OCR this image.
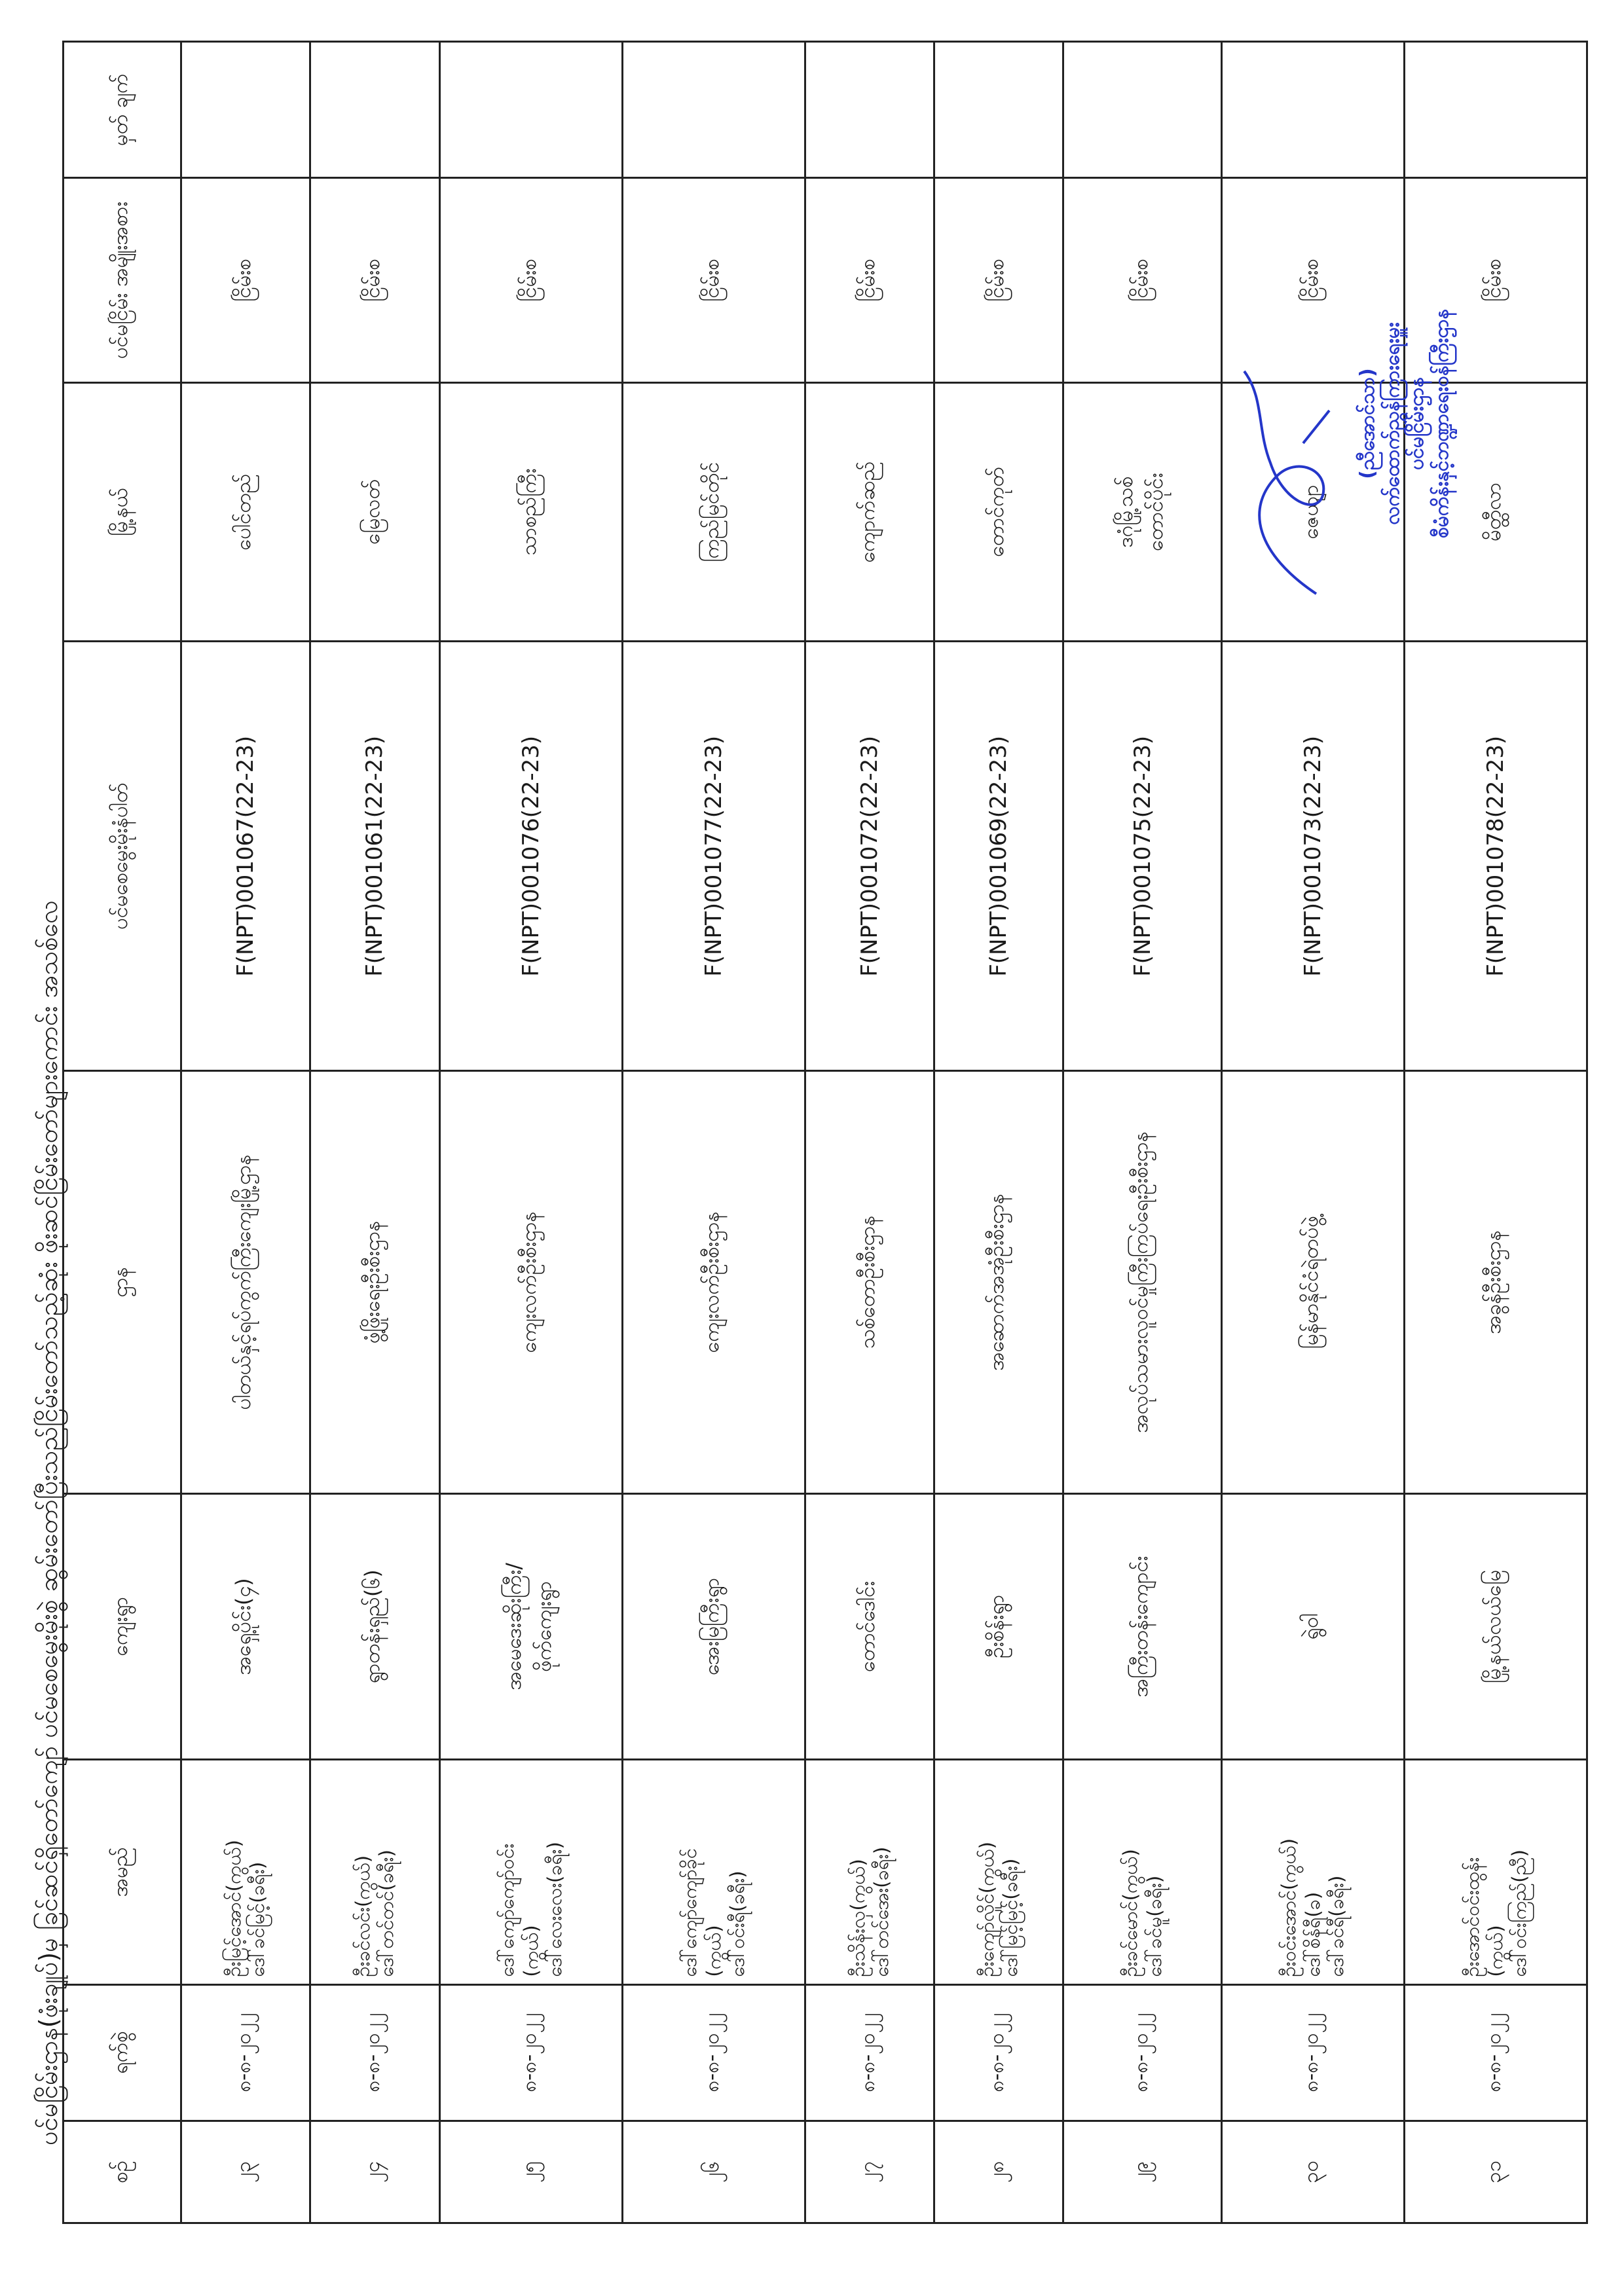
ပင်မငြိမ်းဌာန(ဖုံးချုပ်)မှ ခြင်ဆင်ရှိတော်ကျော် ပင်မစေမွေးမိုးစွဲ ဆွမ်းတော်ပြီးသည်ငြိမ်းတော်သည့်ဆုံး ဖိုးဆင်ငြိမ်းတော်များကောင်း အသစ်လေ
စဉ်	ရက်စွဲ	အမည်	ကျေးရွာ	ဌာန	ပင်မစေမွေးမိုးနံပါတ်	မြို့နယ်	ပင်မငြိမ်း အမျိုးအစား	မှတ် ချက်
၂၃	၈-၈-၂၀၂၂	ဦးမြင့်အောင်(ကွယ်) ဒေါ်ခင်မြင့်(ခရီး)	အရှေ့ပိုင်း(၄)	ပါတယ်နှင့်ရပ်ကွက်ကြီးကျေးမြို့ဌာန	F(NPT)001067(22-23)	ပေါင်တည်	ငြိမ်းစ	
၂၄	၈-၈-၂၀၂၂	ဦးခင်လင်း(ကွယ်) ဒေါ်တင်တင်(ခရီး)	ရွာတန်းရှည်(၆)	ဖွံ့ဖြိုးရေးဦးစီးဌာန	F(NPT)001061(22-23)	မြေလတ်	ငြိမ်းစ	
၂၅	၈-၈-၂၀၂၂	ဒေါ်ကျော်ကျော်ဝင်း (ကွယ်) ဒေါ်လေးလေး(ခရီး)	အမေဒေးဆိုးကြီး/ ဖိုက်ကျေးရွာ	ကျေးလက်ဦးစီးဌာန	F(NPT)001076(22-23)	သာစည်ကြီး	ငြိမ်းစ	
၂၆	၈-၈-၂၀၂၂	ဒေါ်ကျော်ကျော်ခိုင် (ကွယ်) ဒေါ်ဝင်းရီ(ခရီး)	အေးမြကြီးရွာ	ကျေးလက်ဦးစီးဌာန	F(NPT)001077(22-23)	ကြည်မြင်တိုင်	ငြိမ်းစ	
၂၇	၈-၈-၂၀၂၂	ဦးသိန်းလှ(ကွယ်) ဒေါ်တင်အေး(ခရီး)	တောင်ဒေါင်း	သစ်တောဦးစီးဌာန	F(NPT)001072(22-23)	ကျောက်ဆည်	ငြိမ်းစ	
၂၈	၈-၈-၂၀၂၂	ဦးကျော်လှိုင်(ကွယ်) ဒေါ်မြင့်မြင့်(ခရီး)	ဦးစိန်းရွာ	အဆောက်အအုံဦးစီးဌာန	F(NPT)001069(22-23)	တောင်ကုတ်	ငြိမ်းစ	
၂၉	၈-၈-၂၀၂၂	ဦးခင်မောင်(ကွယ်) ဒေါ်ခင်မူ(ခရီး)	အကြီးတန်းကျောင်း	အလုပ်သမားလူဝင်မှုကြီးကြပ်ရေးဦးစီးဌာန	F(NPT)001075(22-23)	ဒဂုံမြို့သစ် တောင်ပိုင်း	ငြိမ်းစ	
၃၀	၈-၈-၂၀၂၂	ဦးဝင်းအောင်(ကွယ်) ဒေါ်စိန်ရီ(ခ) ဒေါ်ခင်ရီ(ခရီး)	ရွဲဝါ	မြန်မာနိုင်ငံရဲတပ်ဖွဲ့	F(NPT)001073(22-23)	ဇေယျာ	ငြိမ်းစ	
၃၁	၈-၈-၂၀၂၂	ဦးအောင်ဝင်းထွန်း (ကွယ်) ဒေါ်ဝင်းကြည်(ညီ)	မြို့နယ်လယ်မြေ	အခွန်ဦးစီးဌာန	F(NPT)001078(22-23)	မိတ္ထီလာ	ငြိမ်းစ	
(ညီအောင်သာ) လက်ထောက်ညွှန်ကြားရေးမှူး ပင်မငြိမ်းဌာန စီမံကိန်းနှင့်ဘဏ္ဍာရေးဝန်ကြီးဌာန
